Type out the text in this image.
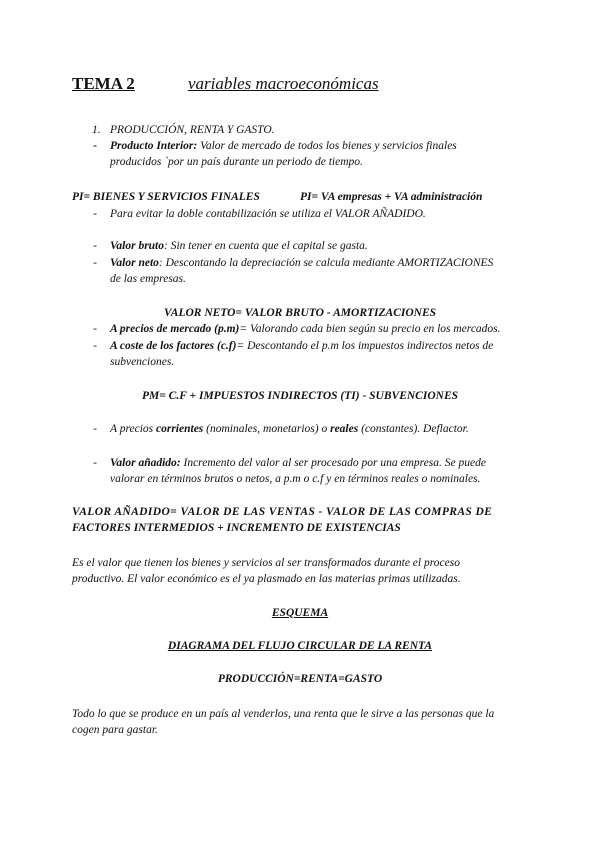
TEMA 2	variables macroeconómicas
1. PRODUCCIÓN, RENTA Y GASTO.
- Producto Interior: Valor de mercado de todos los bienes y servicios finales
producidos `por un país durante un periodo de tiempo.
PI= BIENES Y SERVICIOS FINALES	PI= VA empresas + VA administración
- Para evitar la doble contabilización se utiliza el VALOR AÑADIDO.
- Valor bruto: Sin tener en cuenta que el capital se gasta.
- Valor neto: Descontando la depreciación se calcula mediante AMORTIZACIONES
de las empresas.
VALOR NETO= VALOR BRUTO - AMORTIZACIONES
- A precios de mercado (p.m)= Valorando cada bien según su precio en los mercados.
- A coste de los factores (c.f)= Descontando el p.m los impuestos indirectos netos de
subvenciones.
PM= C.F + IMPUESTOS INDIRECTOS (TI) - SUBVENCIONES
- A precios corrientes (nominales, monetarios) o reales (constantes). Deflactor.
- Valor añadido: Incremento del valor al ser procesado por una empresa. Se puede
valorar en términos brutos o netos, a p.m o c.f y en términos reales o nominales.
VALOR AÑADIDO= VALOR DE LAS VENTAS - VALOR DE LAS COMPRAS DE
FACTORES INTERMEDIOS + INCREMENTO DE EXISTENCIAS
Es el valor que tienen los bienes y servicios al ser transformados durante el proceso
productivo. El valor económico es el ya plasmado en las materias primas utilizadas.
ESQUEMA
DIAGRAMA DEL FLUJO CIRCULAR DE LA RENTA
PRODUCCIÓN=RENTA=GASTO
Todo lo que se produce en un país al venderlos, una renta que le sirve a las personas que la
cogen para gastar.
